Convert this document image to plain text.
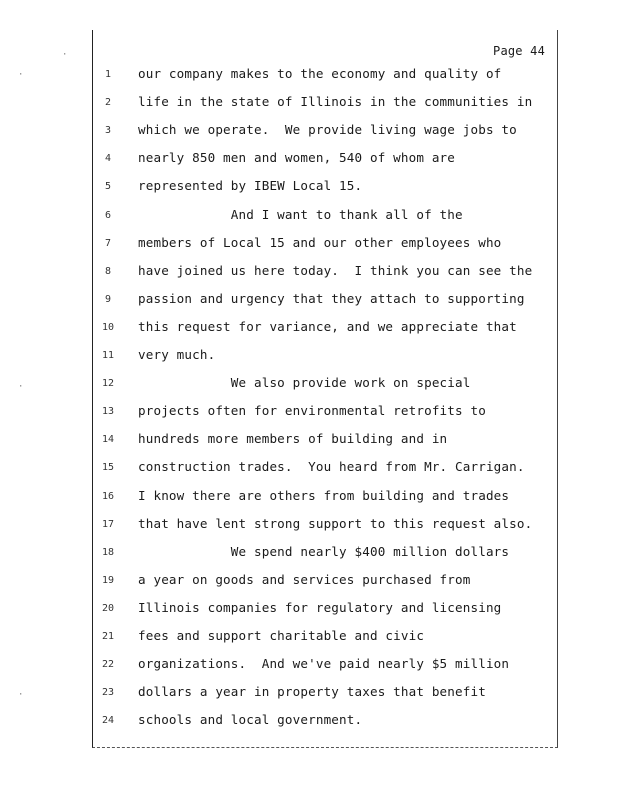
·
·
·
·
Page 44
1	our company makes to the economy and quality of
2	life in the state of Illinois in the communities in
3	which we operate.  We provide living wage jobs to
4	nearly 850 men and women, 540 of whom are
5	represented by IBEW Local 15.
6	And I want to thank all of the
7	members of Local 15 and our other employees who
8	have joined us here today.  I think you can see the
9	passion and urgency that they attach to supporting
10 this request for variance, and we appreciate that
11 very much.
12 We also provide work on special
13 projects often for environmental retrofits to
14 hundreds more members of building and in
15 construction trades.  You heard from Mr. Carrigan.
16 I know there are others from building and trades
17 that have lent strong support to this request also.
18 We spend nearly $400 million dollars
19 a year on goods and services purchased from
20 Illinois companies for regulatory and licensing
21 fees and support charitable and civic
22 organizations.  And we've paid nearly $5 million
23 dollars a year in property taxes that benefit
24 schools and local government.
